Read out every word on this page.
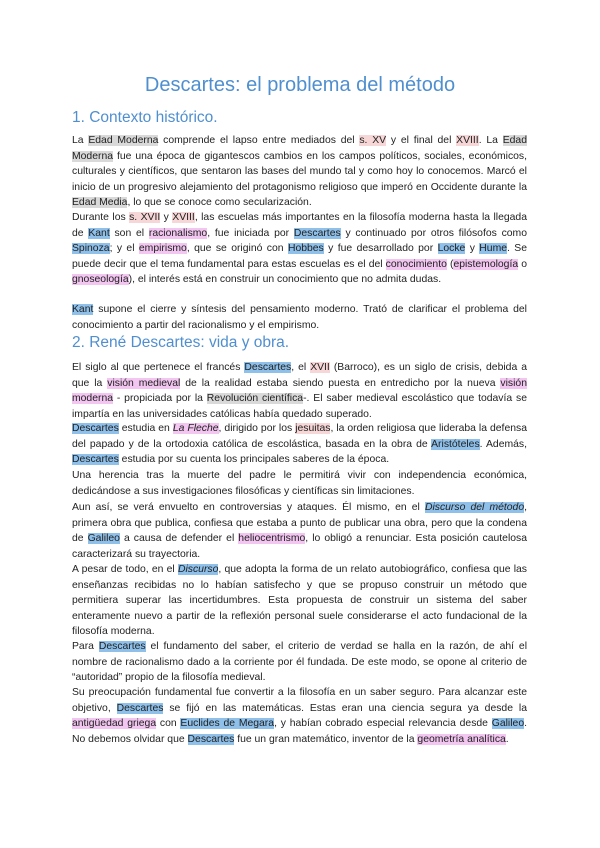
Descartes: el problema del método
1. Contexto histórico.

La Edad Moderna comprende el lapso entre mediados del s. XV y el final del XVIII. La Edad Moderna fue una época de gigantescos cambios en los campos políticos, sociales, económicos, culturales y científicos, que sentaron las bases del mundo tal y como hoy lo conocemos. Marcó el inicio de un progresivo alejamiento del protagonismo religioso que imperó en Occidente durante la Edad Media, lo que se conoce como secularización.

Durante los s. XVII y XVIII, las escuelas más importantes en la filosofía moderna hasta la llegada de Kant son el racionalismo, fue iniciada por Descartes y continuado por otros filósofos como Spinoza; y el empirismo, que se originó con Hobbes y fue desarrollado por Locke y Hume. Se puede decir que el tema fundamental para estas escuelas es el del conocimiento (epistemología o gnoseología), el interés está en construir un conocimiento que no admita dudas.

Kant supone el cierre y síntesis del pensamiento moderno. Trató de clarificar el problema del conocimiento a partir del racionalismo y el empirismo.

2. René Descartes: vida y obra.

El siglo al que pertenece el francés Descartes, el XVII (Barroco), es un siglo de crisis, debida a que la visión medieval de la realidad estaba siendo puesta en entredicho por la nueva visión moderna - propiciada por la Revolución científica-. El saber medieval escolástico que todavía se impartía en las universidades católicas había quedado superado.

Descartes estudia en La Fleche, dirigido por los jesuitas, la orden religiosa que lideraba la defensa del papado y de la ortodoxia católica de escolástica, basada en la obra de Aristóteles. Además, Descartes estudia por su cuenta los principales saberes de la época.

Una herencia tras la muerte del padre le permitirá vivir con independencia económica, dedicándose a sus investigaciones filosóficas y científicas sin limitaciones.

Aun así, se verá envuelto en controversias y ataques. Él mismo, en el Discurso del método, primera obra que publica, confiesa que estaba a punto de publicar una obra, pero que la condena de Galileo a causa de defender el heliocentrismo, lo obligó a renunciar. Esta posición cautelosa caracterizará su trayectoria.

A pesar de todo, en el Discurso, que adopta la forma de un relato autobiográfico, confiesa que las enseñanzas recibidas no lo habían satisfecho y que se propuso construir un método que permitiera superar las incertidumbres. Esta propuesta de construir un sistema del saber enteramente nuevo a partir de la reflexión personal suele considerarse el acto fundacional de la filosofía moderna.

Para Descartes el fundamento del saber, el criterio de verdad se halla en la razón, de ahí el nombre de racionalismo dado a la corriente por él fundada. De este modo, se opone al criterio de “autoridad” propio de la filosofía medieval.

Su preocupación fundamental fue convertir a la filosofía en un saber seguro. Para alcanzar este objetivo, Descartes se fijó en las matemáticas. Estas eran una ciencia segura ya desde la antigüedad griega con Euclides de Megara, y habían cobrado especial relevancia desde Galileo. No debemos olvidar que Descartes fue un gran matemático, inventor de la geometría analítica.
